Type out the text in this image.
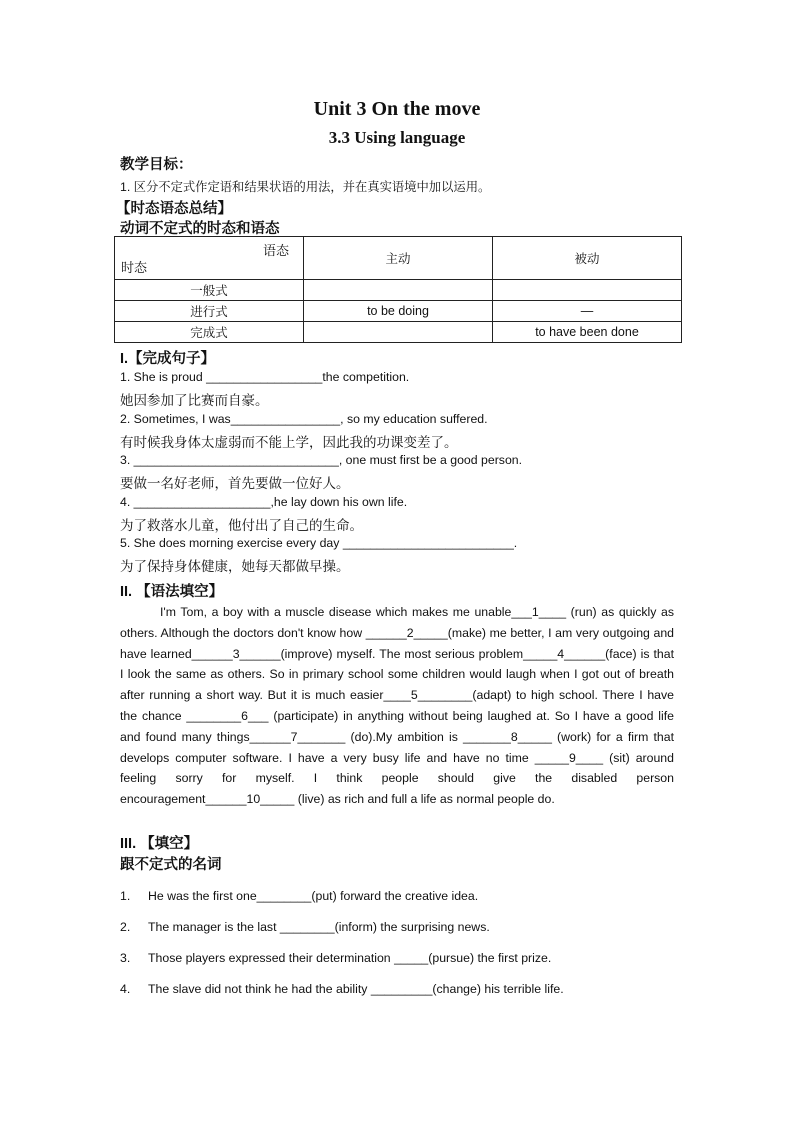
Unit 3 On the move
3.3 Using language
教学目标：
1. 区分不定式作定语和结果状语的用法，并在真实语境中加以运用。
【时态语态总结】
动词不定式的时态和语态
语态
时态	主动	被动
一般式		
进行式	to be doing	—
完成式		to have been done
I.【完成句子】
1. She is proud _________________the competition.
她因参加了比赛而自豪。
2. Sometimes, I was________________, so my education suffered.
有时候我身体太虚弱而不能上学，因此我的功课变差了。
3. ______________________________, one must first be a good person.
要做一名好老师，首先要做一位好人。
4. ____________________,he lay down his own life.
为了救落水儿童，他付出了自己的生命。
5. She does morning exercise every day _________________________.
为了保持身体健康，她每天都做早操。
II. 【语法填空】
I'm Tom, a boy with a muscle disease which makes me unable___1____ (run) as quickly as others. Although the doctors don't know how ______2_____(make) me better, I am very outgoing and have learned______3______(improve) myself. The most serious problem_____4______(face) is that I look the same as others. So in primary school some children would laugh when I got out of breath after running a short way. But it is much easier____5________(adapt) to high school. There I have the chance ________6___ (participate) in anything without being laughed at. So I have a good life and found many things______7_______ (do).My ambition is _______8_____ (work) for a firm that develops computer software. I have a very busy life and have no time _____9____ (sit) around feeling sorry for myself. I think people should give the disabled person encouragement______10_____ (live) as rich and full a life as normal people do.
III. 【填空】
跟不定式的名词
1. He was the first one________(put) forward the creative idea.
2. The manager is the last ________(inform) the surprising news.
3. Those players expressed their determination _____(pursue) the first prize.
4. The slave did not think he had the ability _________(change) his terrible life.
